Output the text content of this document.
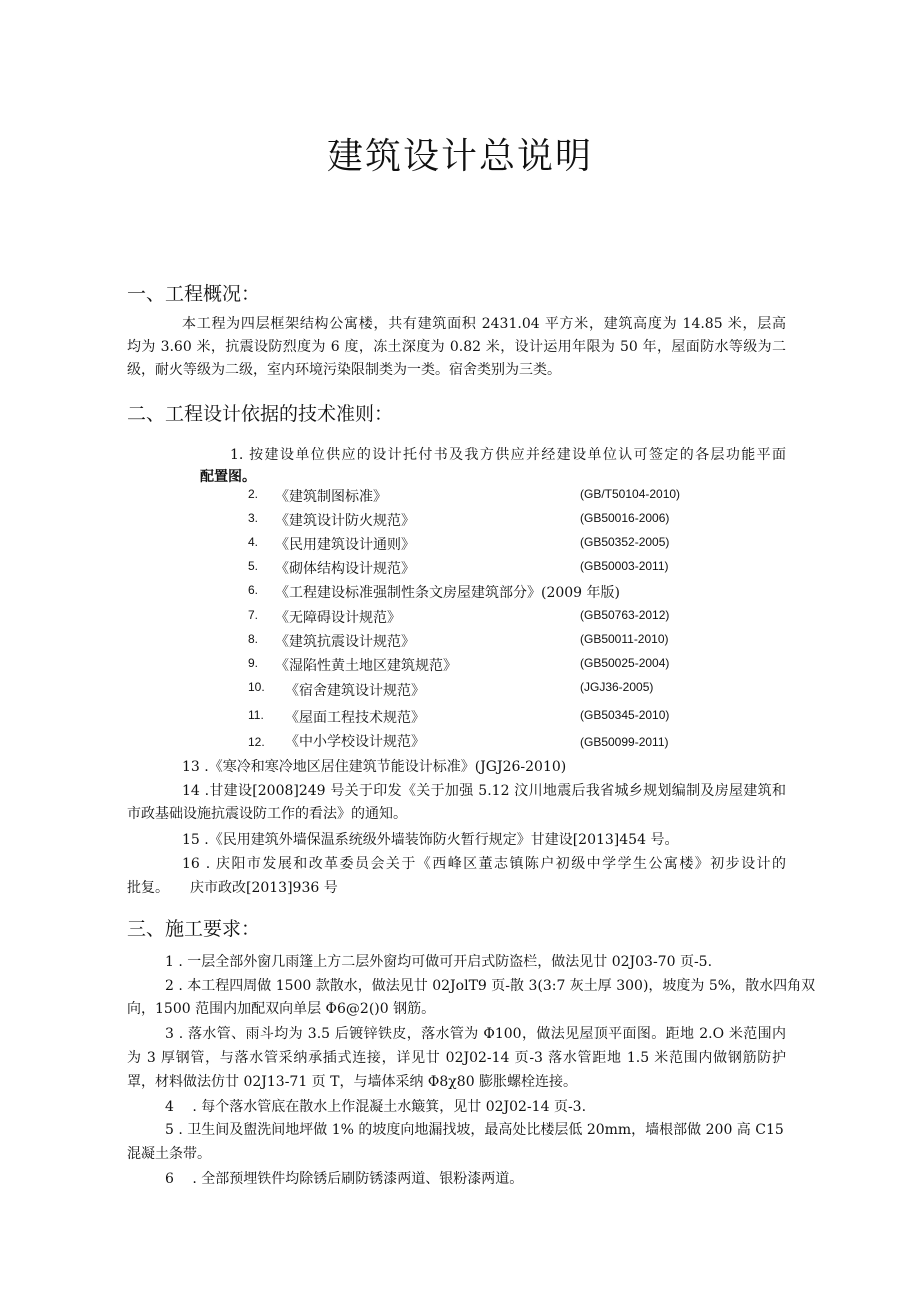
建筑设计总说明
一、工程概况：
本工程为四层框架结构公寓楼，共有建筑面积 2431.04 平方米，建筑高度为 14.85 米，层高
均为 3.60 米，抗震设防烈度为 6 度，冻土深度为 0.82 米，设计运用年限为 50 年，屋面防水等级为二
级，耐火等级为二级，室内环境污染限制类为一类。宿舍类别为三类。
二、工程设计依据的技术准则：
1. 按建设单位供应的设计托付书及我方供应并经建设单位认可签定的各层功能平面
配置图。
2. 《建筑制图标准》	(GB/T50104-2010)
3. 《建筑设计防火规范》	(GB50016-2006)
4. 《民用建筑设计通则》	(GB50352-2005)
5. 《砌体结构设计规范》	(GB50003-2011)
6. 《工程建设标准强制性条文房屋建筑部分》(2009 年版)
7. 《无障碍设计规范》	(GB50763-2012)
8. 《建筑抗震设计规范》	(GB50011-2010)
9. 《湿陷性黄土地区建筑规范》	(GB50025-2004)
10. 《宿舍建筑设计规范》	(JGJ36-2005)
11. 《屋面工程技术规范》	(GB50345-2010)
12. 《中小学校设计规范》	(GB50099-2011)
13 .《寒冷和寒冷地区居住建筑节能设计标准》(JGJ26-2010)
14 .甘建设[2008]249 号关于印发《关于加强 5.12 汶川地震后我省城乡规划编制及房屋建筑和
市政基础设施抗震设防工作的看法》的通知。
15 .《民用建筑外墙保温系统级外墙装饰防火暂行规定》甘建设[2013]454 号。
16 . 庆阳市发展和改革委员会关于《西峰区董志镇陈户初级中学学生公寓楼》初步设计的
批复。　　庆市政改[2013]936 号
三、施工要求：
1 . 一层全部外窗几雨篷上方二层外窗均可做可开启式防盗栏，做法见廿 02J03-70 页-5.
2 . 本工程四周做 1500 款散水，做法见廿 02JolT9 页-散 3(3:7 灰土厚 300)，坡度为 5%，散水四角双
向，1500 范围内加配双向单层 Φ6@2()0 钢筋。
3 . 落水管、雨斗均为 3.5 后镀锌铁皮，落水管为 Φ100，做法见屋顶平面图。距地 2.O 米范围内
为 3 厚钢管，与落水管采纳承插式连接，详见廿 02J02-14 页-3 落水管距地 1.5 米范围内做钢筋防护
罩，材料做法仿廿 02J13-71 页 T，与墙体采纳 Φ8χ80 膨胀螺栓连接。
4 　. 每个落水管底在散水上作混凝土水簸箕，见廿 02J02-14 页-3.
5 . 卫生间及盥洗间地坪做 1% 的坡度向地漏找坡，最高处比楼层低 20mm，墙根部做 200 高 C15
混凝土条带。
6 　. 全部预埋铁件均除锈后刷防锈漆两道、银粉漆两道。
